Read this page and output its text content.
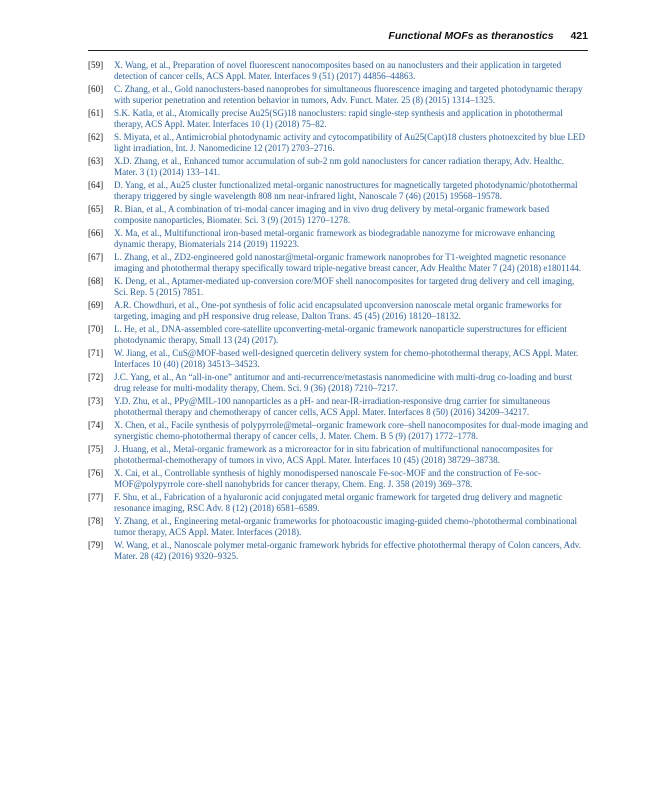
Functional MOFs as theranostics 421
[59] X. Wang, et al., Preparation of novel fluorescent nanocomposites based on au nanoclusters and their application in targeted detection of cancer cells, ACS Appl. Mater. Interfaces 9 (51) (2017) 44856–44863.
[60] C. Zhang, et al., Gold nanoclusters-based nanoprobes for simultaneous fluorescence imaging and targeted photodynamic therapy with superior penetration and retention behavior in tumors, Adv. Funct. Mater. 25 (8) (2015) 1314–1325.
[61] S.K. Katla, et al., Atomically precise Au25(SG)18 nanoclusters: rapid single-step synthesis and application in photothermal therapy, ACS Appl. Mater. Interfaces 10 (1) (2018) 75–82.
[62] S. Miyata, et al., Antimicrobial photodynamic activity and cytocompatibility of Au25(Capt)18 clusters photoexcited by blue LED light irradiation, Int. J. Nanomedicine 12 (2017) 2703–2716.
[63] X.D. Zhang, et al., Enhanced tumor accumulation of sub-2 nm gold nanoclusters for cancer radiation therapy, Adv. Healthc. Mater. 3 (1) (2014) 133–141.
[64] D. Yang, et al., Au25 cluster functionalized metal-organic nanostructures for magnetically targeted photodynamic/photothermal therapy triggered by single wavelength 808 nm near-infrared light, Nanoscale 7 (46) (2015) 19568–19578.
[65] R. Bian, et al., A combination of tri-modal cancer imaging and in vivo drug delivery by metal-organic framework based composite nanoparticles, Biomater. Sci. 3 (9) (2015) 1270–1278.
[66] X. Ma, et al., Multifunctional iron-based metal-organic framework as biodegradable nanozyme for microwave enhancing dynamic therapy, Biomaterials 214 (2019) 119223.
[67] L. Zhang, et al., ZD2-engineered gold nanostar@metal-organic framework nanoprobes for T1-weighted magnetic resonance imaging and photothermal therapy specifically toward triple-negative breast cancer, Adv Healthc Mater 7 (24) (2018) e1801144.
[68] K. Deng, et al., Aptamer-mediated up-conversion core/MOF shell nanocomposites for targeted drug delivery and cell imaging, Sci. Rep. 5 (2015) 7851.
[69] A.R. Chowdhuri, et al., One-pot synthesis of folic acid encapsulated upconversion nanoscale metal organic frameworks for targeting, imaging and pH responsive drug release, Dalton Trans. 45 (45) (2016) 18120–18132.
[70] L. He, et al., DNA-assembled core-satellite upconverting-metal-organic framework nanoparticle superstructures for efficient photodynamic therapy, Small 13 (24) (2017).
[71] W. Jiang, et al., CuS@MOF-based well-designed quercetin delivery system for chemo-photothermal therapy, ACS Appl. Mater. Interfaces 10 (40) (2018) 34513–34523.
[72] J.C. Yang, et al., An “all-in-one” antitumor and anti-recurrence/metastasis nanomedicine with multi-drug co-loading and burst drug release for multi-modality therapy, Chem. Sci. 9 (36) (2018) 7210–7217.
[73] Y.D. Zhu, et al., PPy@MIL-100 nanoparticles as a pH- and near-IR-irradiation-responsive drug carrier for simultaneous photothermal therapy and chemotherapy of cancer cells, ACS Appl. Mater. Interfaces 8 (50) (2016) 34209–34217.
[74] X. Chen, et al., Facile synthesis of polypyrrole@metal–organic framework core–shell nanocomposites for dual-mode imaging and synergistic chemo-photothermal therapy of cancer cells, J. Mater. Chem. B 5 (9) (2017) 1772–1778.
[75] J. Huang, et al., Metal-organic framework as a microreactor for in situ fabrication of multifunctional nanocomposites for photothermal-chemotherapy of tumors in vivo, ACS Appl. Mater. Interfaces 10 (45) (2018) 38729–38738.
[76] X. Cai, et al., Controllable synthesis of highly monodispersed nanoscale Fe-soc-MOF and the construction of Fe-soc-MOF@polypyrrole core-shell nanohybrids for cancer therapy, Chem. Eng. J. 358 (2019) 369–378.
[77] F. Shu, et al., Fabrication of a hyaluronic acid conjugated metal organic framework for targeted drug delivery and magnetic resonance imaging, RSC Adv. 8 (12) (2018) 6581–6589.
[78] Y. Zhang, et al., Engineering metal-organic frameworks for photoacoustic imaging-guided chemo-/photothermal combinational tumor therapy, ACS Appl. Mater. Interfaces (2018).
[79] W. Wang, et al., Nanoscale polymer metal-organic framework hybrids for effective photothermal therapy of Colon cancers, Adv. Mater. 28 (42) (2016) 9320–9325.
